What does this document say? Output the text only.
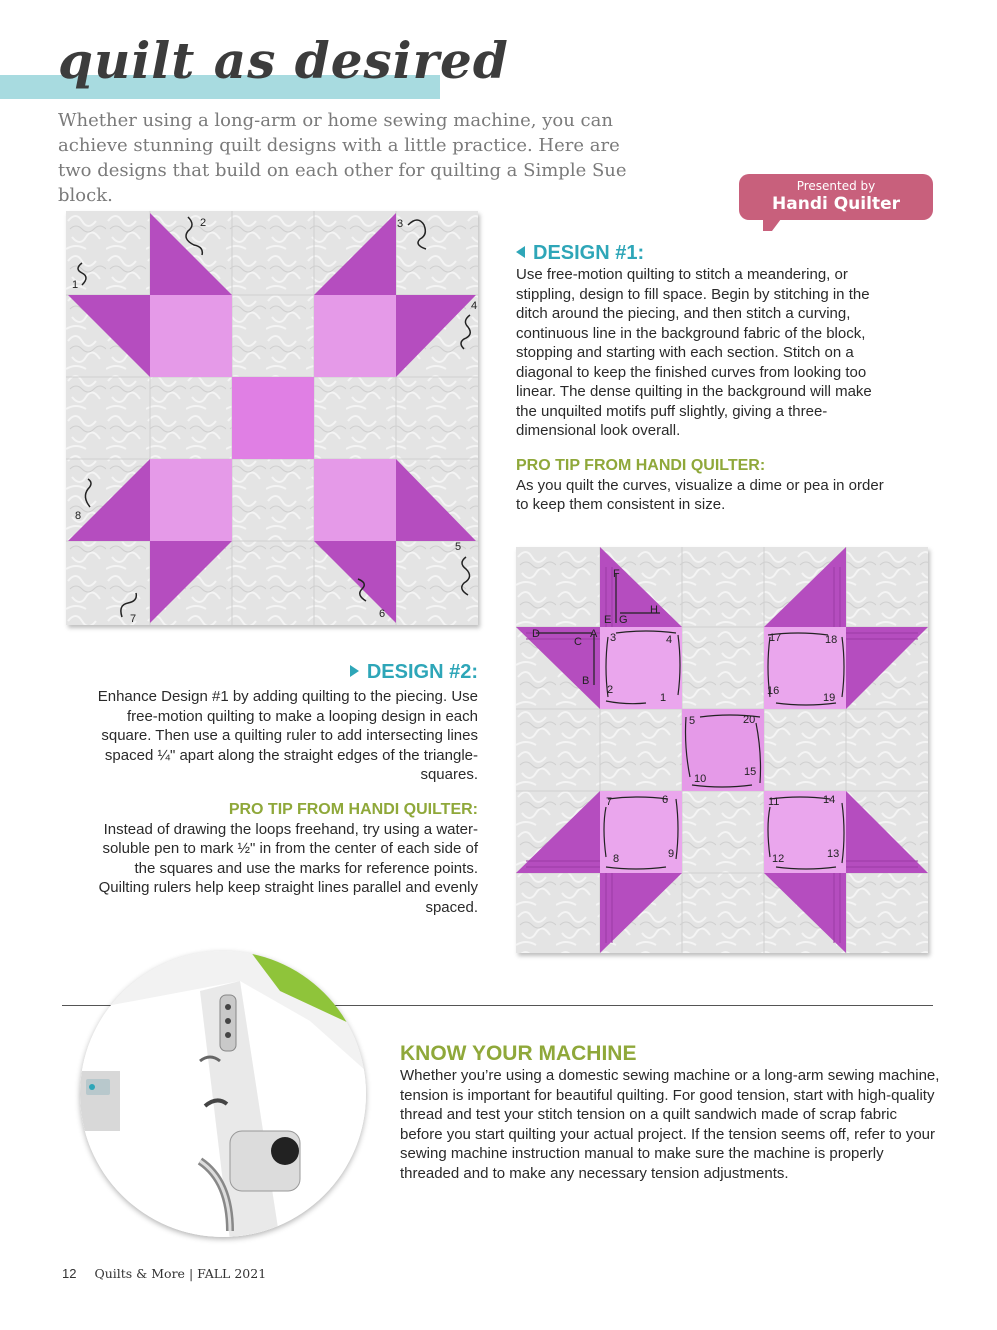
quilt as desired

Whether using a long-arm or home sewing machine, you can achieve stunning quilt designs with a little practice. Here are two designs that build on each other for quilting a Simple Sue block.	Presented by
Handi Quilter
1
2	3
4
5
6
7
8
DESIGN #1:

Use free-motion quilting to stitch a meandering, or stippling, design to fill space. Begin by stitching in the ditch around the piecing, and then stitch a curving, continuous line in the background fabric of the block, stopping and starting with each section. Stitch on a diagonal to keep the finished curves from looking too linear. The dense quilting in the background will make the unquilted motifs puff slightly, giving a three-dimensional look overall.

PRO TIP FROM HANDI QUILTER:

As you quilt the curves, visualize a dime or pea in order to keep them consistent in size.

A
B
C
D
E
F
G
H
1
2
3	4
5
6
7
8	9
10
11
12	13
14
15
16
17	18
19
20
DESIGN #2:

Enhance Design #1 by adding quilting to the piecing. Use free-motion quilting to make a looping design in each square. Then use a quilting ruler to add intersecting lines spaced ¼" apart along the straight edges of the triangle-squares.

PRO TIP FROM HANDI QUILTER:

Instead of drawing the loops freehand, try using a water-soluble pen to mark ½" in from the center of each side of the squares and use the marks for reference points. Quilting rulers help keep straight lines parallel and evenly spaced.

KNOW YOUR MACHINE

Whether you’re using a domestic sewing machine or a long-arm sewing machine, tension is important for beautiful quilting. For good tension, start with high-quality thread and test your stitch tension on a quilt sandwich made of scrap fabric before you start quilting your actual project. If the tension seems off, refer to your sewing machine instruction manual to make sure the machine is properly threaded and to make any necessary tension adjustments.

12 Quilts & More | FALL 2021
